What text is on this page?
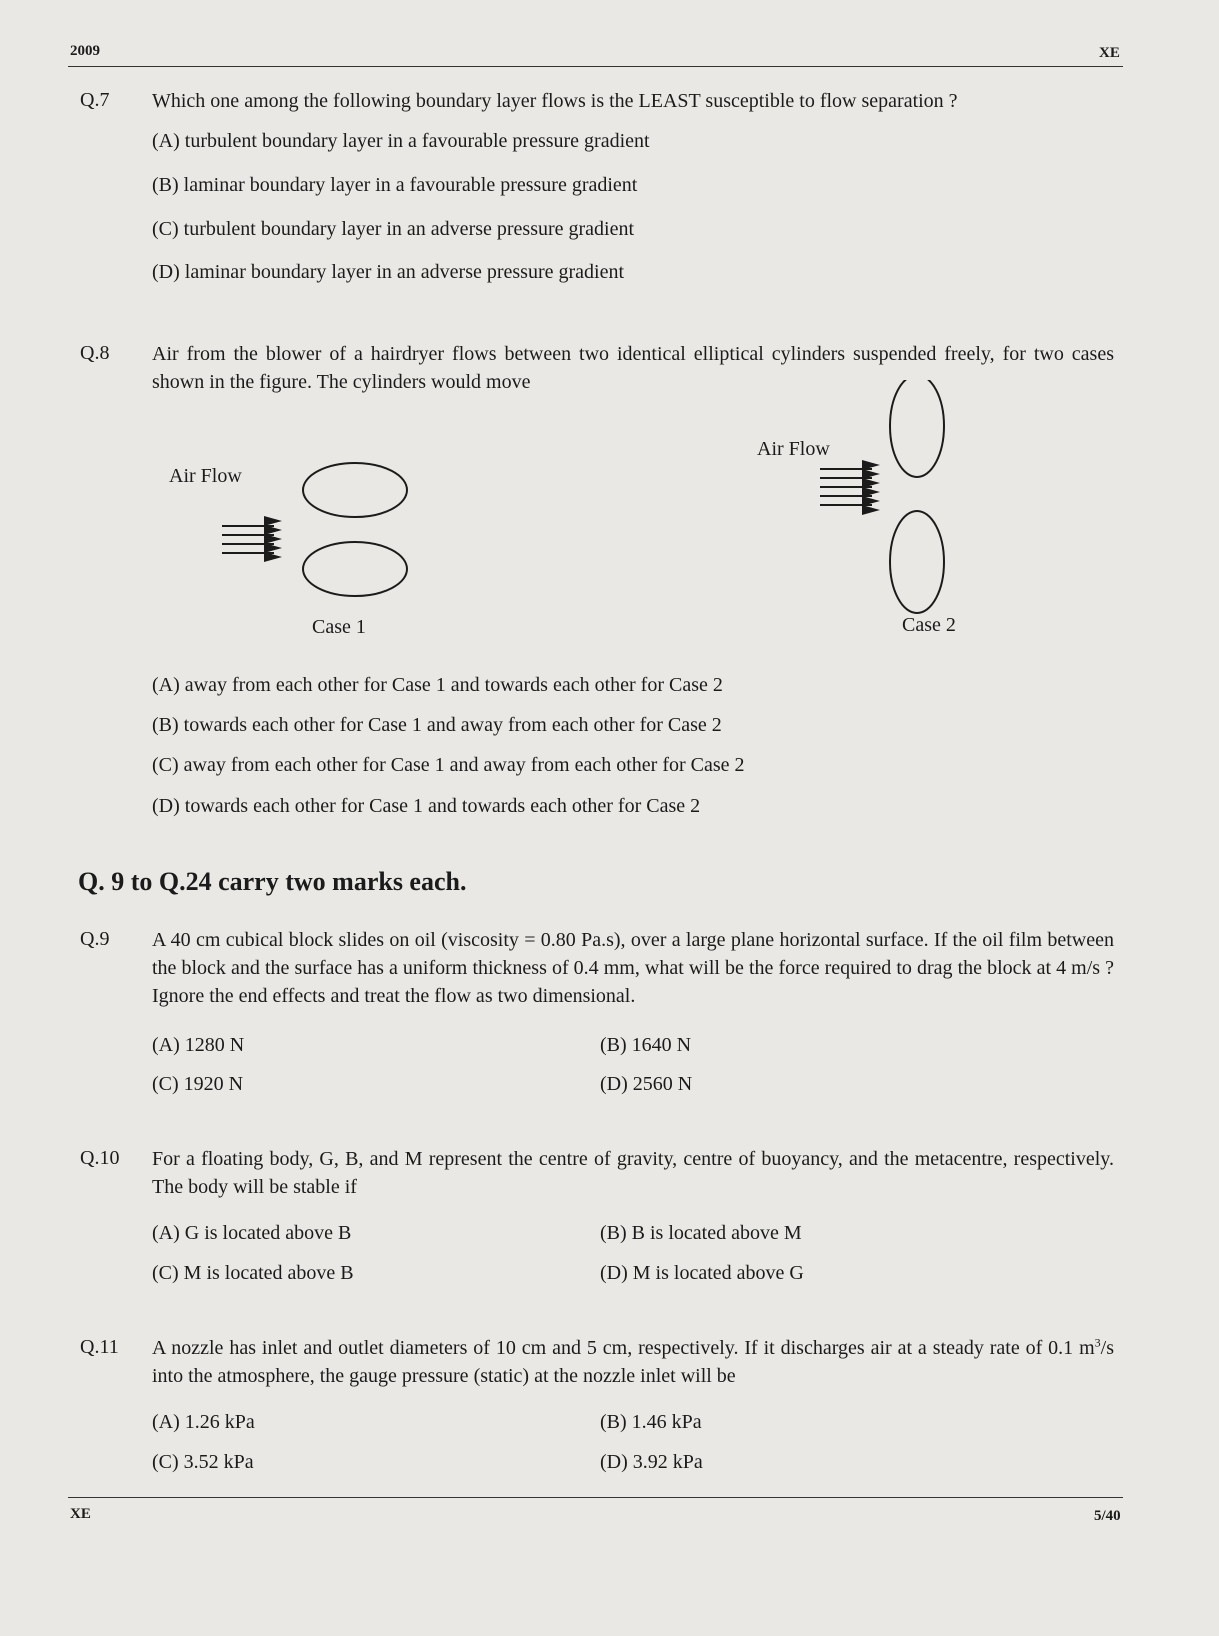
2009	XE
Q.7 Which one among the following boundary layer flows is the LEAST susceptible to flow separation ?
(A) turbulent boundary layer in a favourable pressure gradient
(B) laminar boundary layer in a favourable pressure gradient
(C) turbulent boundary layer in an adverse pressure gradient
(D) laminar boundary layer in an adverse pressure gradient
Q.8 Air from the blower of a hairdryer flows between two identical elliptical cylinders suspended freely, for two cases shown in the figure. The cylinders would move
Air Flow
Case 1
Air Flow
Case 2
(A) away from each other for Case 1 and towards each other for Case 2
(B) towards each other for Case 1 and away from each other for Case 2
(C) away from each other for Case 1 and away from each other for Case 2
(D) towards each other for Case 1 and towards each other for Case 2
Q. 9 to Q.24 carry two marks each.
Q.9 A 40 cm cubical block slides on oil (viscosity = 0.80 Pa.s), over a large plane horizontal surface. If the oil film between the block and the surface has a uniform thickness of 0.4 mm, what will be the force required to drag the block at 4 m/s ? Ignore the end effects and treat the flow as two dimensional.
(A) 1280 N	(B) 1640 N
(C) 1920 N	(D) 2560 N
Q.10 For a floating body, G, B, and M represent the centre of gravity, centre of buoyancy, and the metacentre, respectively. The body will be stable if
(A) G is located above B	(B) B is located above M
(C) M is located above B	(D) M is located above G
Q.11 A nozzle has inlet and outlet diameters of 10 cm and 5 cm, respectively. If it discharges air at a steady rate of 0.1 $m^3/s$ into the atmosphere, the gauge pressure (static) at the nozzle inlet will be
(A) 1.26 kPa	(B) 1.46 kPa
(C) 3.52 kPa	(D) 3.92 kPa
XE	5/40
